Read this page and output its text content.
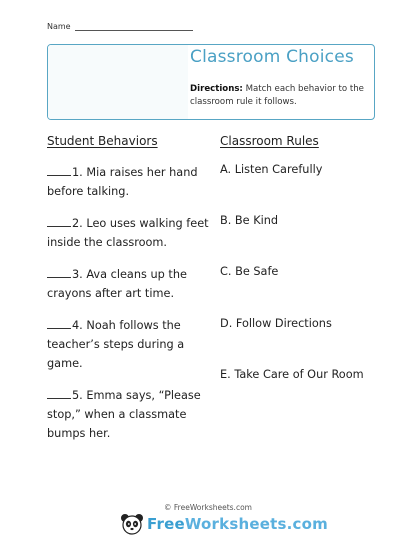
Name
Classroom Choices
Directions: Match each behavior to the classroom rule it follows.
Student Behaviors	Classroom Rules
1. Mia raises her hand before talking.
2. Leo uses walking feet inside the classroom.
3. Ava cleans up the crayons after art time.
4. Noah follows the teacher’s steps during a game.
5. Emma says, “Please stop,” when a classmate bumps her.
A. Listen Carefully
B. Be Kind
C. Be Safe
D. Follow Directions
E. Take Care of Our Room
© FreeWorksheets.com
FreeWorksheets.com
